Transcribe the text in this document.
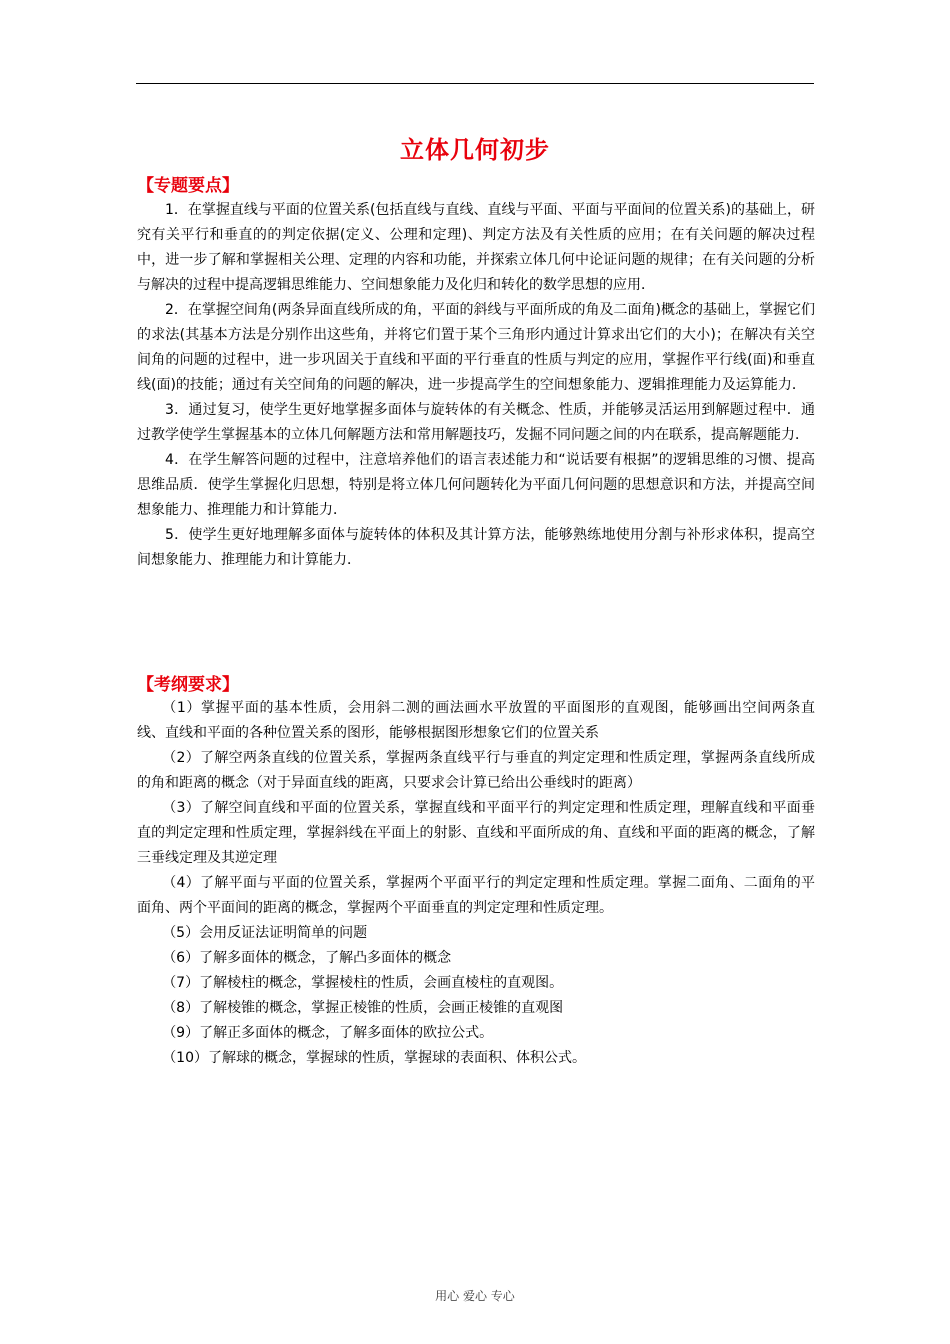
立体几何初步
【专题要点】

1．在掌握直线与平面的位置关系(包括直线与直线、直线与平面、平面与平面间的位置关系)的基础上，研究有关平行和垂直的的判定依据(定义、公理和定理)、判定方法及有关性质的应用；在有关问题的解决过程中，进一步了解和掌握相关公理、定理的内容和功能，并探索立体几何中论证问题的规律；在有关问题的分析与解决的过程中提高逻辑思维能力、空间想象能力及化归和转化的数学思想的应用．

2．在掌握空间角(两条异面直线所成的角，平面的斜线与平面所成的角及二面角)概念的基础上，掌握它们的求法(其基本方法是分别作出这些角，并将它们置于某个三角形内通过计算求出它们的大小)；在解决有关空间角的问题的过程中，进一步巩固关于直线和平面的平行垂直的性质与判定的应用，掌握作平行线(面)和垂直线(面)的技能；通过有关空间角的问题的解决，进一步提高学生的空间想象能力、逻辑推理能力及运算能力．

3．通过复习，使学生更好地掌握多面体与旋转体的有关概念、性质，并能够灵活运用到解题过程中．通过教学使学生掌握基本的立体几何解题方法和常用解题技巧，发掘不同问题之间的内在联系，提高解题能力．

4．在学生解答问题的过程中，注意培养他们的语言表述能力和“说话要有根据”的逻辑思维的习惯、提高思维品质．使学生掌握化归思想，特别是将立体几何问题转化为平面几何问题的思想意识和方法，并提高空间想象能力、推理能力和计算能力．

5．使学生更好地理解多面体与旋转体的体积及其计算方法，能够熟练地使用分割与补形求体积，提高空间想象能力、推理能力和计算能力．

【考纲要求】

（1）掌握平面的基本性质，会用斜二测的画法画水平放置的平面图形的直观图，能够画出空间两条直线、直线和平面的各种位置关系的图形，能够根据图形想象它们的位置关系

（2）了解空两条直线的位置关系，掌握两条直线平行与垂直的判定定理和性质定理，掌握两条直线所成的角和距离的概念（对于异面直线的距离，只要求会计算已给出公垂线时的距离）

（3）了解空间直线和平面的位置关系，掌握直线和平面平行的判定定理和性质定理，理解直线和平面垂直的判定定理和性质定理，掌握斜线在平面上的射影、直线和平面所成的角、直线和平面的距离的概念，了解三垂线定理及其逆定理

（4）了解平面与平面的位置关系，掌握两个平面平行的判定定理和性质定理。掌握二面角、二面角的平面角、两个平面间的距离的概念，掌握两个平面垂直的判定定理和性质定理。

（5）会用反证法证明简单的问题

（6）了解多面体的概念，了解凸多面体的概念

（7）了解棱柱的概念，掌握棱柱的性质，会画直棱柱的直观图。

（8）了解棱锥的概念，掌握正棱锥的性质，会画正棱锥的直观图

（9）了解正多面体的概念，了解多面体的欧拉公式。

（10）了解球的概念，掌握球的性质，掌握球的表面积、体积公式。

用心 爱心 专心
